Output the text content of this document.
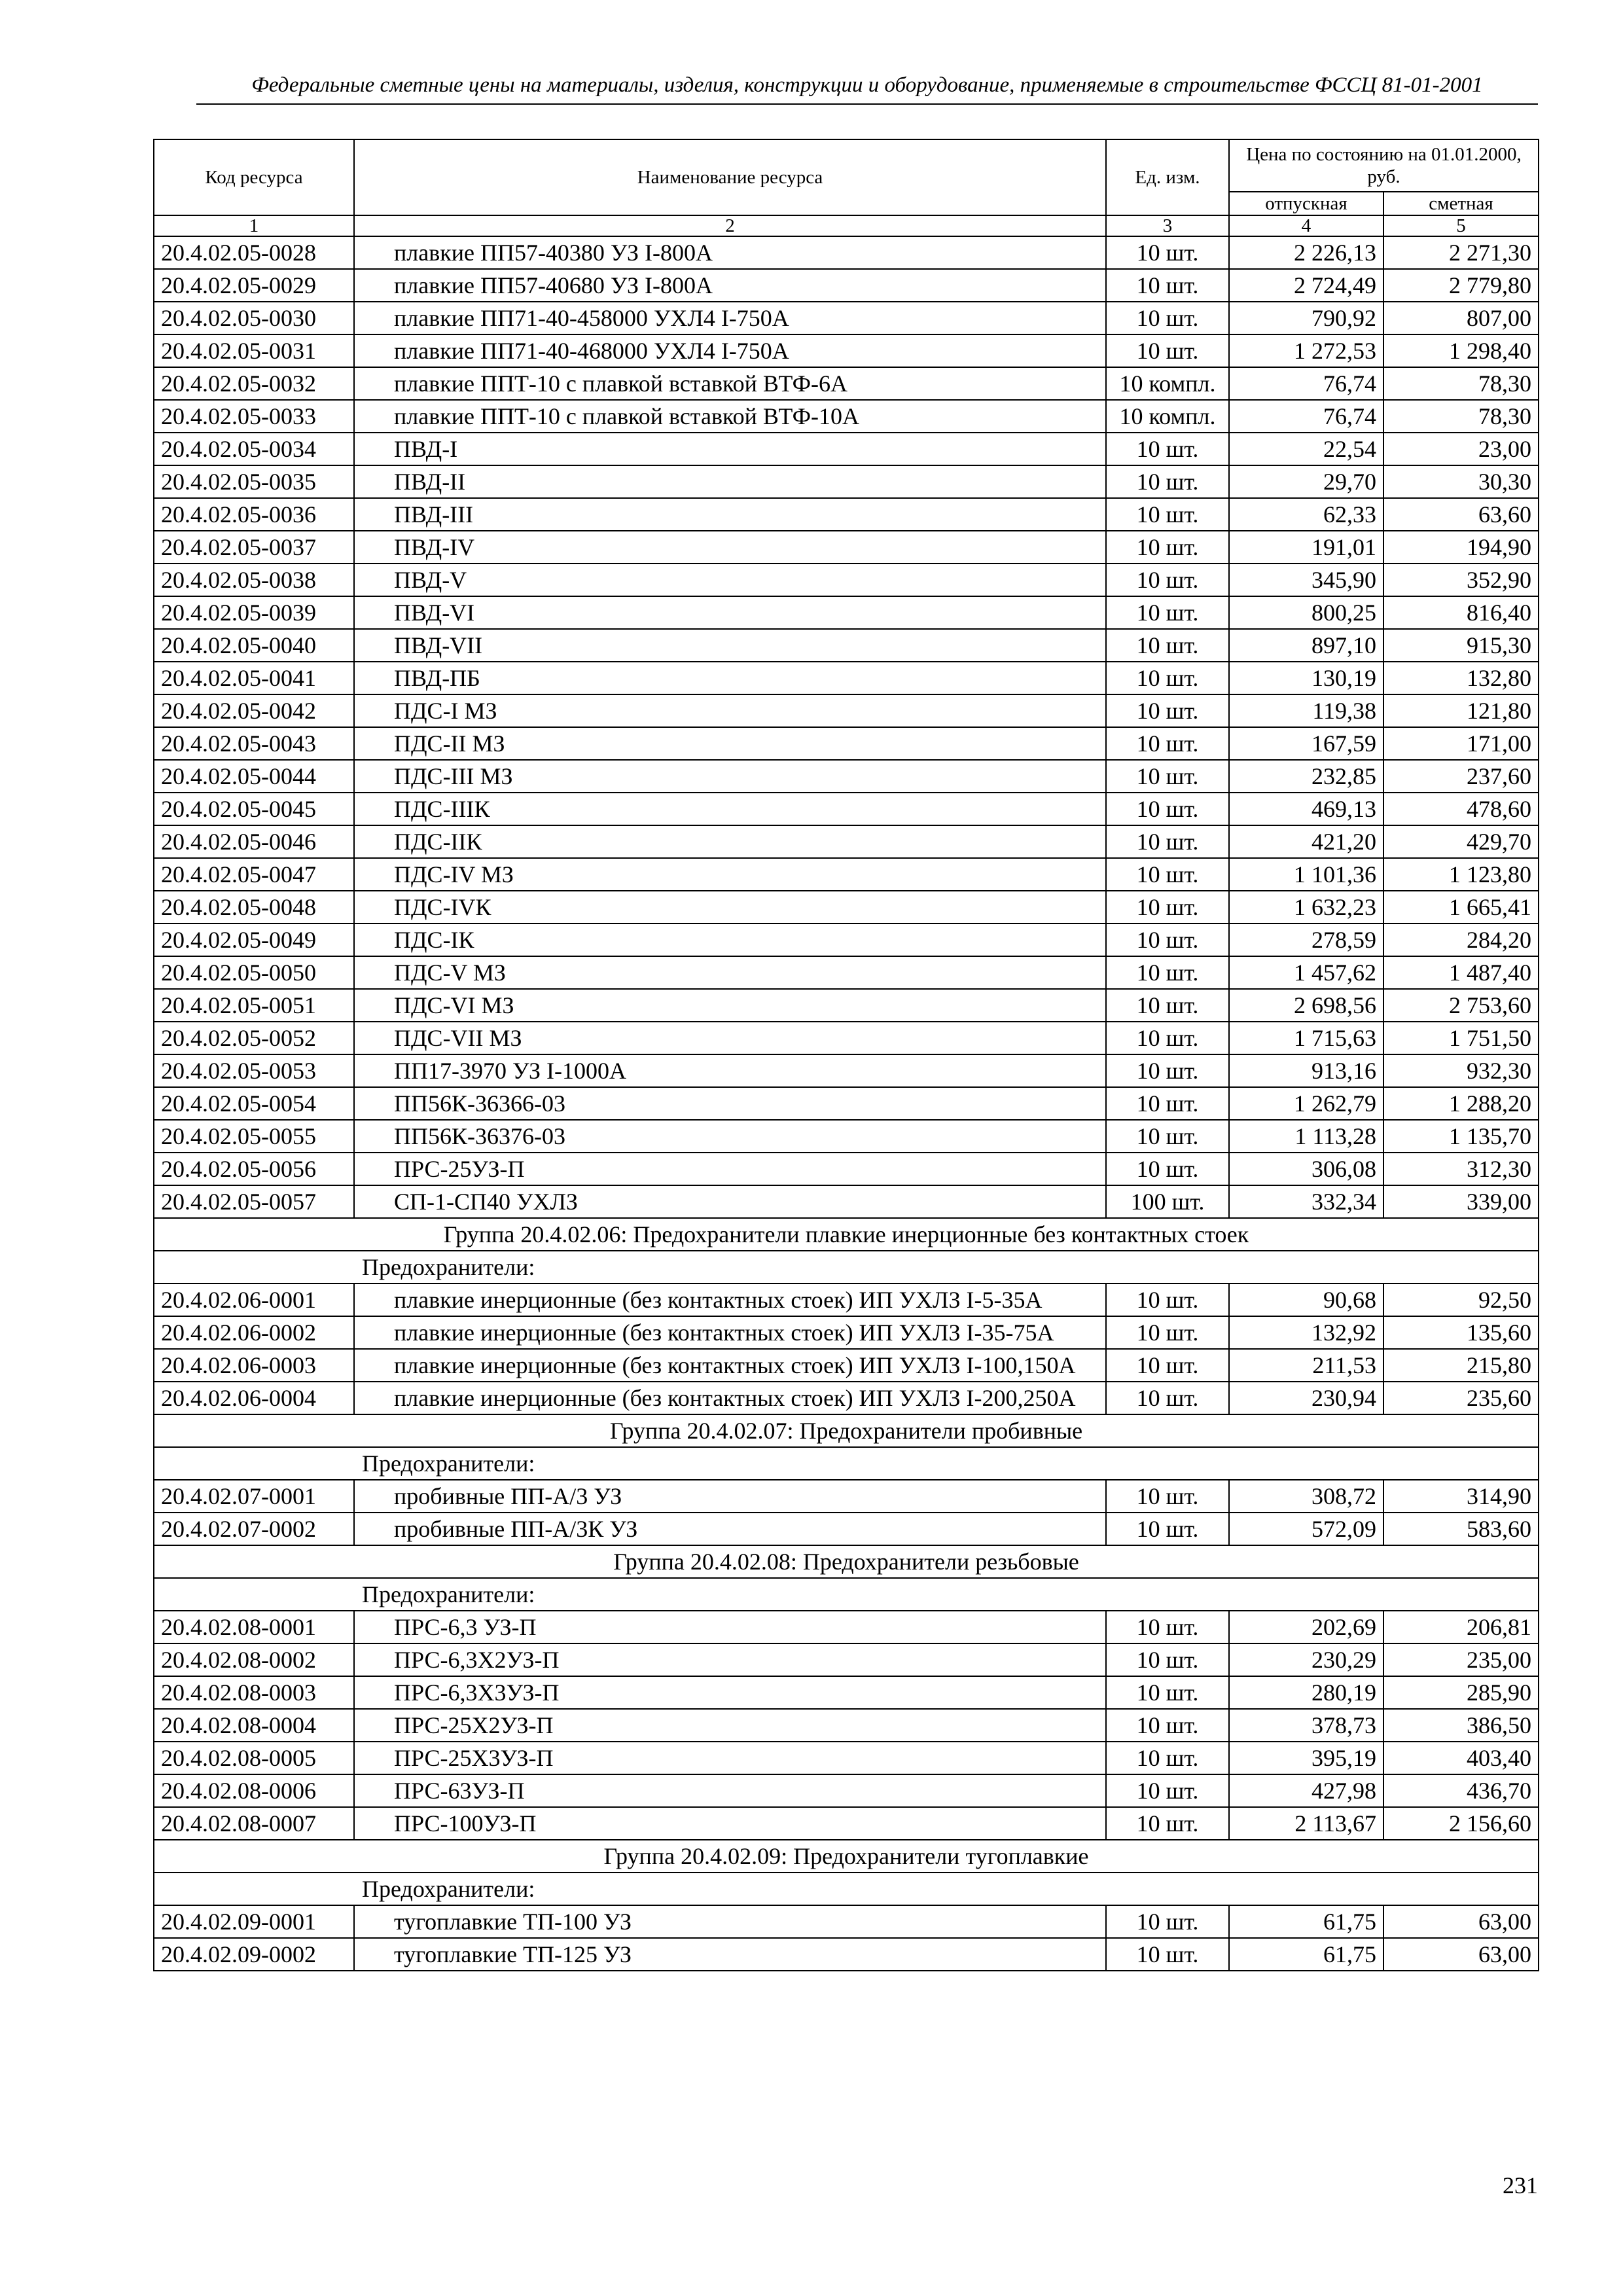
Федеральные сметные цены на материалы, изделия, конструкции и оборудование, применяемые в строительстве ФССЦ 81-01-2001
Код ресурса	Наименование ресурса	Ед. изм.	Цена по состоянию на 01.01.2000, руб.	
			отпускная	сметная
1	2	3	4	5
20.4.02.05-0028	плавкие ПП57-40380 УЗ I-800А	10 шт.	2 226,13	2 271,30
20.4.02.05-0029	плавкие ПП57-40680 УЗ I-800А	10 шт.	2 724,49	2 779,80
20.4.02.05-0030	плавкие ПП71-40-458000 УХЛ4 I-750А	10 шт.	790,92	807,00
20.4.02.05-0031	плавкие ПП71-40-468000 УХЛ4 I-750А	10 шт.	1 272,53	1 298,40
20.4.02.05-0032	плавкие ППТ-10 с плавкой вставкой ВТФ-6А	10 компл.	76,74	78,30
20.4.02.05-0033	плавкие ППТ-10 с плавкой вставкой ВТФ-10А	10 компл.	76,74	78,30
20.4.02.05-0034	ПВД-I	10 шт.	22,54	23,00
20.4.02.05-0035	ПВД-II	10 шт.	29,70	30,30
20.4.02.05-0036	ПВД-III	10 шт.	62,33	63,60
20.4.02.05-0037	ПВД-IV	10 шт.	191,01	194,90
20.4.02.05-0038	ПВД-V	10 шт.	345,90	352,90
20.4.02.05-0039	ПВД-VI	10 шт.	800,25	816,40
20.4.02.05-0040	ПВД-VII	10 шт.	897,10	915,30
20.4.02.05-0041	ПВД-ПБ	10 шт.	130,19	132,80
20.4.02.05-0042	ПДС-I МЗ	10 шт.	119,38	121,80
20.4.02.05-0043	ПДС-II МЗ	10 шт.	167,59	171,00
20.4.02.05-0044	ПДС-III МЗ	10 шт.	232,85	237,60
20.4.02.05-0045	ПДС-IIIК	10 шт.	469,13	478,60
20.4.02.05-0046	ПДС-IIК	10 шт.	421,20	429,70
20.4.02.05-0047	ПДС-IV МЗ	10 шт.	1 101,36	1 123,80
20.4.02.05-0048	ПДС-IVК	10 шт.	1 632,23	1 665,41
20.4.02.05-0049	ПДС-IК	10 шт.	278,59	284,20
20.4.02.05-0050	ПДС-V МЗ	10 шт.	1 457,62	1 487,40
20.4.02.05-0051	ПДС-VI МЗ	10 шт.	2 698,56	2 753,60
20.4.02.05-0052	ПДС-VII МЗ	10 шт.	1 715,63	1 751,50
20.4.02.05-0053	ПП17-3970 УЗ I-1000А	10 шт.	913,16	932,30
20.4.02.05-0054	ПП56К-36366-03	10 шт.	1 262,79	1 288,20
20.4.02.05-0055	ПП56К-36376-03	10 шт.	1 113,28	1 135,70
20.4.02.05-0056	ПРС-25УЗ-П	10 шт.	306,08	312,30
20.4.02.05-0057	СП-1-СП40 УХЛЗ	100 шт.	332,34	339,00
Группа 20.4.02.06: Предохранители плавкие инерционные без контактных стоек				
	Предохранители:			
20.4.02.06-0001	плавкие инерционные (без контактных стоек) ИП УХЛЗ I-5-35А	10 шт.	90,68	92,50
20.4.02.06-0002	плавкие инерционные (без контактных стоек) ИП УХЛЗ I-35-75А	10 шт.	132,92	135,60
20.4.02.06-0003	плавкие инерционные (без контактных стоек) ИП УХЛЗ I-100,150А	10 шт.	211,53	215,80
20.4.02.06-0004	плавкие инерционные (без контактных стоек) ИП УХЛЗ I-200,250А	10 шт.	230,94	235,60
Группа 20.4.02.07: Предохранители пробивные				
	Предохранители:			
20.4.02.07-0001	пробивные ПП-А/3 УЗ	10 шт.	308,72	314,90
20.4.02.07-0002	пробивные ПП-А/3К УЗ	10 шт.	572,09	583,60
Группа 20.4.02.08: Предохранители резьбовые				
	Предохранители:			
20.4.02.08-0001	ПРС-6,3 УЗ-П	10 шт.	202,69	206,81
20.4.02.08-0002	ПРС-6,3Х2УЗ-П	10 шт.	230,29	235,00
20.4.02.08-0003	ПРС-6,3Х3УЗ-П	10 шт.	280,19	285,90
20.4.02.08-0004	ПРС-25Х2УЗ-П	10 шт.	378,73	386,50
20.4.02.08-0005	ПРС-25Х3УЗ-П	10 шт.	395,19	403,40
20.4.02.08-0006	ПРС-63УЗ-П	10 шт.	427,98	436,70
20.4.02.08-0007	ПРС-100УЗ-П	10 шт.	2 113,67	2 156,60
Группа 20.4.02.09: Предохранители тугоплавкие				
	Предохранители:			
20.4.02.09-0001	тугоплавкие ТП-100 УЗ	10 шт.	61,75	63,00
20.4.02.09-0002	тугоплавкие ТП-125 УЗ	10 шт.	61,75	63,00
231
